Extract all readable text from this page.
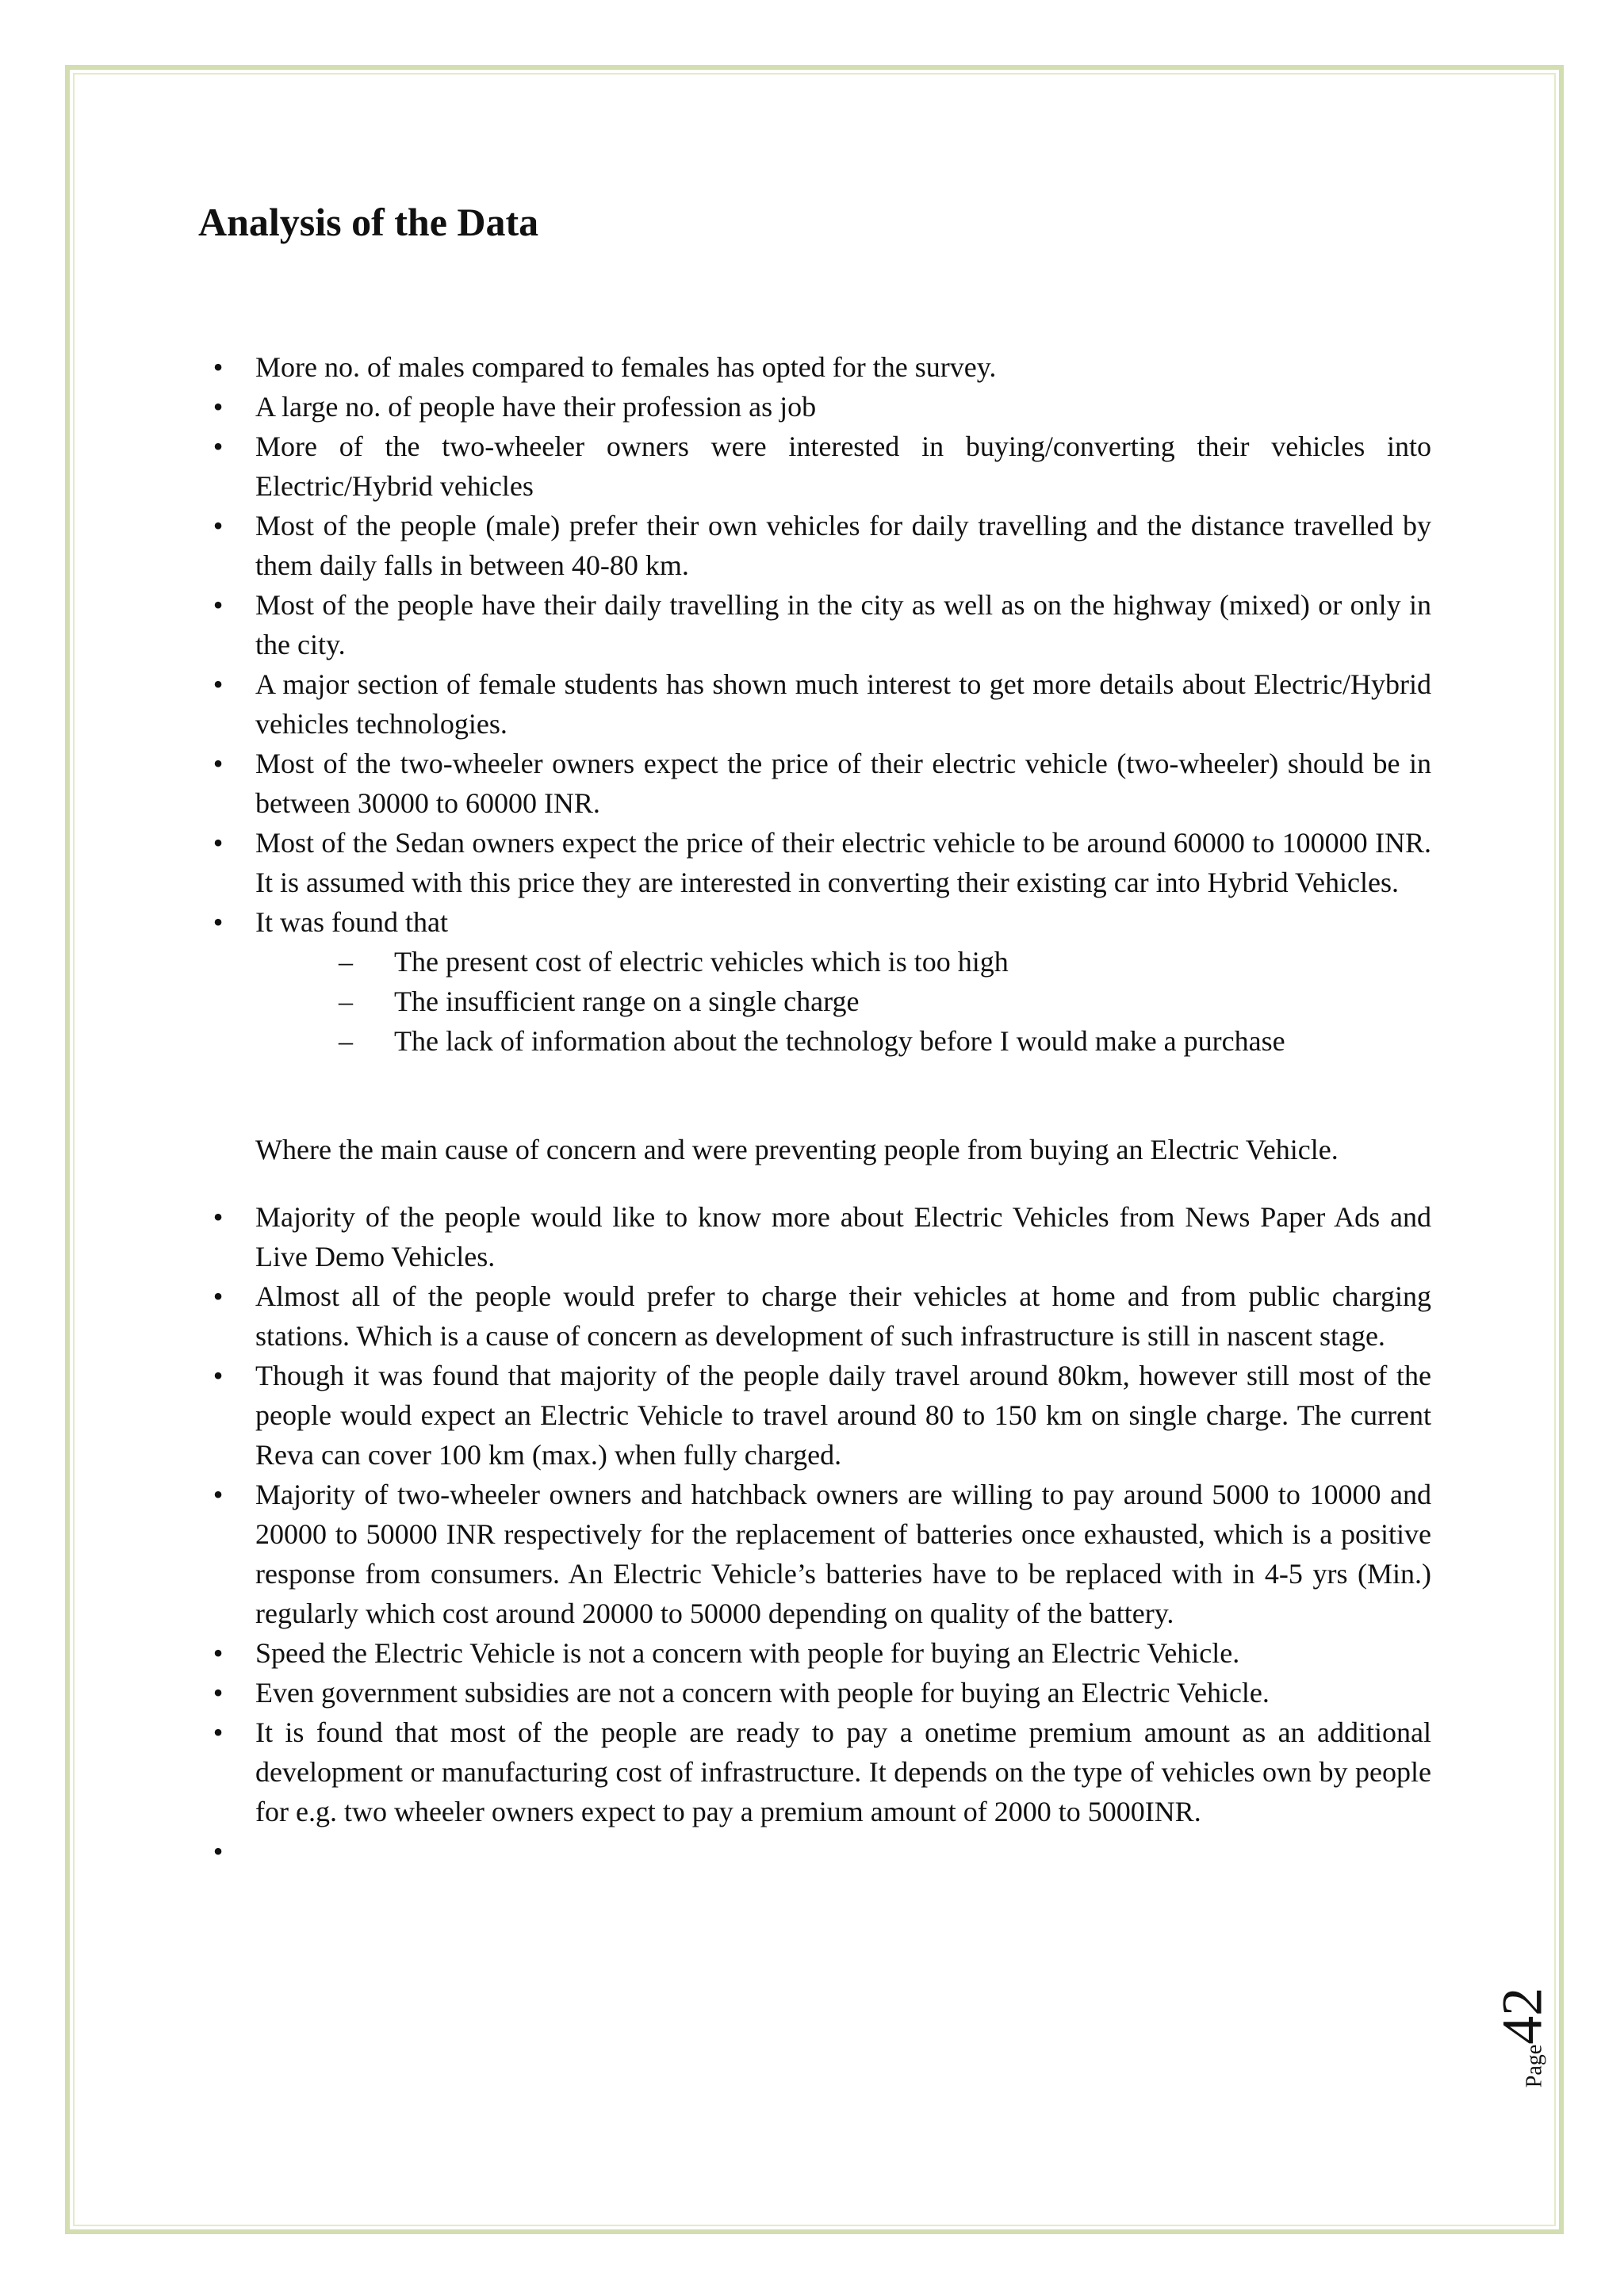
Analysis of the Data
• More no. of males compared to females has opted for the survey.
• A large no. of people have their profession as job
• More of the two-wheeler owners were interested in buying/converting their vehicles into Electric/Hybrid vehicles
• Most of the people (male) prefer their own vehicles for daily travelling and the distance travelled by them daily falls in between 40-80 km.
• Most of the people have their daily travelling in the city as well as on the highway (mixed) or only in the city.
• A major section of female students has shown much interest to get more details about Electric/Hybrid vehicles technologies.
• Most of the two-wheeler owners expect the price of their electric vehicle (two-wheeler) should be in between 30000 to 60000 INR.
• Most of the Sedan owners expect the price of their electric vehicle to be around 60000 to 100000 INR. It is assumed with this price they are interested in converting their existing car into Hybrid Vehicles.
• It was found that
– The present cost of electric vehicles which is too high
– The insufficient range on a single charge
– The lack of information about the technology before I would make a purchase

Where the main cause of concern and were preventing people from buying an Electric Vehicle.

• Majority of the people would like to know more about Electric Vehicles from News Paper Ads and Live Demo Vehicles.
• Almost all of the people would prefer to charge their vehicles at home and from public charging stations. Which is a cause of concern as development of such infrastructure is still in nascent stage.
• Though it was found that majority of the people daily travel around 80km, however still most of the people would expect an Electric Vehicle to travel around 80 to 150 km on single charge. The current Reva can cover 100 km (max.) when fully charged.
• Majority of two-wheeler owners and hatchback owners are willing to pay around 5000 to 10000 and 20000 to 50000 INR respectively for the replacement of batteries once exhausted, which is a positive response from consumers. An Electric Vehicle’s batteries have to be replaced with in 4-5 yrs (Min.) regularly which cost around 20000 to 50000 depending on quality of the battery.
• Speed the Electric Vehicle is not a concern with people for buying an Electric Vehicle.
• Even government subsidies are not a concern with people for buying an Electric Vehicle.
• It is found that most of the people are ready to pay a onetime premium amount as an additional development or manufacturing cost of infrastructure. It depends on the type of vehicles own by people for e.g. two wheeler owners expect to pay a premium amount of 2000 to 5000INR.
•
Page42
